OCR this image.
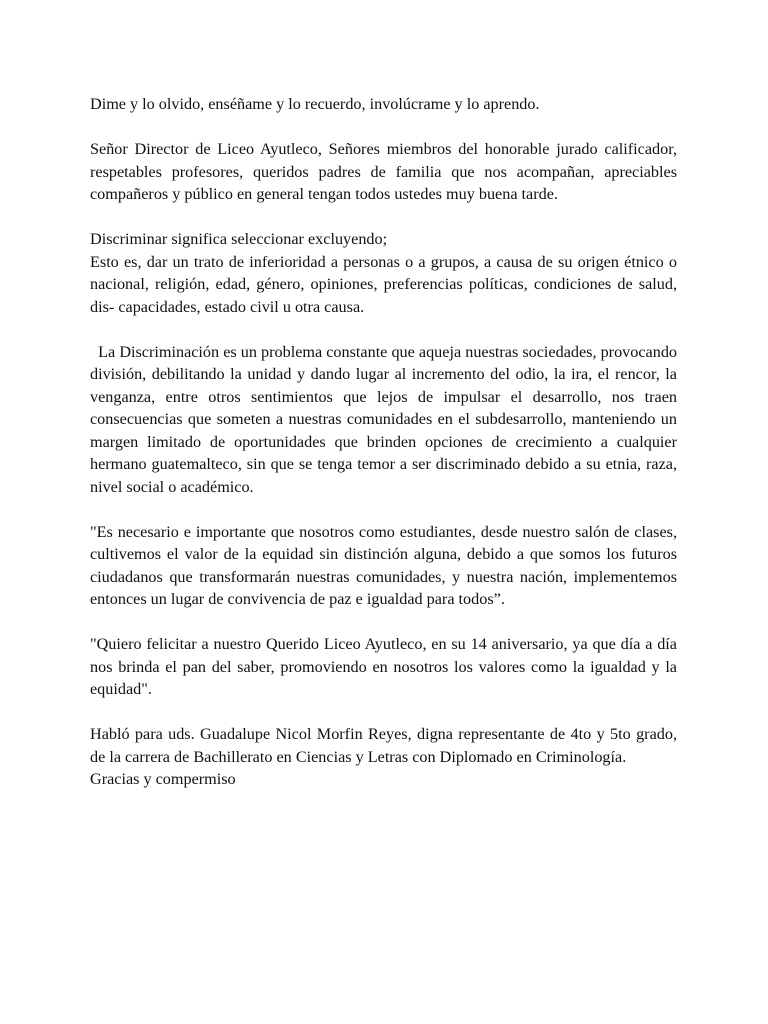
Dime y lo olvido, enséñame y lo recuerdo, involúcrame y lo aprendo.

Señor Director de Liceo Ayutleco, Señores miembros del honorable jurado calificador, respetables profesores, queridos padres de familia que nos acompañan, apreciables compañeros y público en general tengan todos ustedes muy buena tarde.

Discriminar significa seleccionar excluyendo;

Esto es, dar un trato de inferioridad a personas o a grupos, a causa de su origen étnico o nacional, religión, edad, género, opiniones, preferencias políticas, condiciones de salud, dis- capacidades, estado civil u otra causa.

La Discriminación es un problema constante que aqueja nuestras sociedades, provocando división, debilitando la unidad y dando lugar al incremento del odio, la ira, el rencor, la venganza, entre otros sentimientos que lejos de impulsar el desarrollo, nos traen consecuencias que someten a nuestras comunidades en el subdesarrollo, manteniendo un margen limitado de oportunidades que brinden opciones de crecimiento a cualquier hermano guatemalteco, sin que se tenga temor a ser discriminado debido a su etnia, raza, nivel social o académico.

"Es necesario e importante que nosotros como estudiantes, desde nuestro salón de clases, cultivemos el valor de la equidad sin distinción alguna, debido a que somos los futuros ciudadanos que transformarán nuestras comunidades, y nuestra nación, implementemos entonces un lugar de convivencia de paz e igualdad para todos”.

"Quiero felicitar a nuestro Querido Liceo Ayutleco, en su 14 aniversario, ya que día a día nos brinda el pan del saber, promoviendo en nosotros los valores como la igualdad y la equidad".

Habló para uds. Guadalupe Nicol Morfin Reyes, digna representante de 4to y 5to grado, de la carrera de Bachillerato en Ciencias y Letras con Diplomado en Criminología.

Gracias y compermiso
